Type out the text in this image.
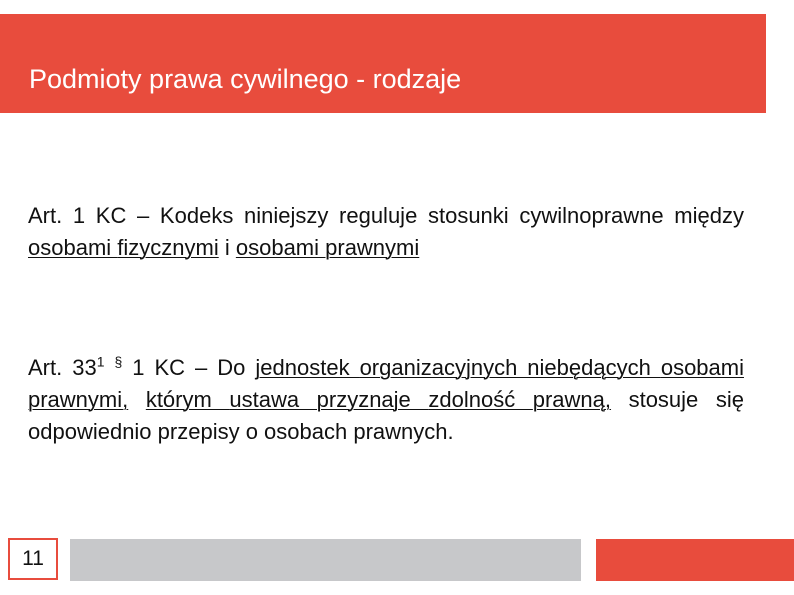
Podmioty prawa cywilnego - rodzaje
Art. 1 KC – Kodeks niniejszy reguluje stosunki cywilnoprawne między osobami fizycznymi i osobami prawnymi
Art. $33^1$ § 1 KC – Do jednostek organizacyjnych niebędących osobami prawnymi, którym ustawa przyznaje zdolność prawną, stosuje się odpowiednio przepisy o osobach prawnych.
11
